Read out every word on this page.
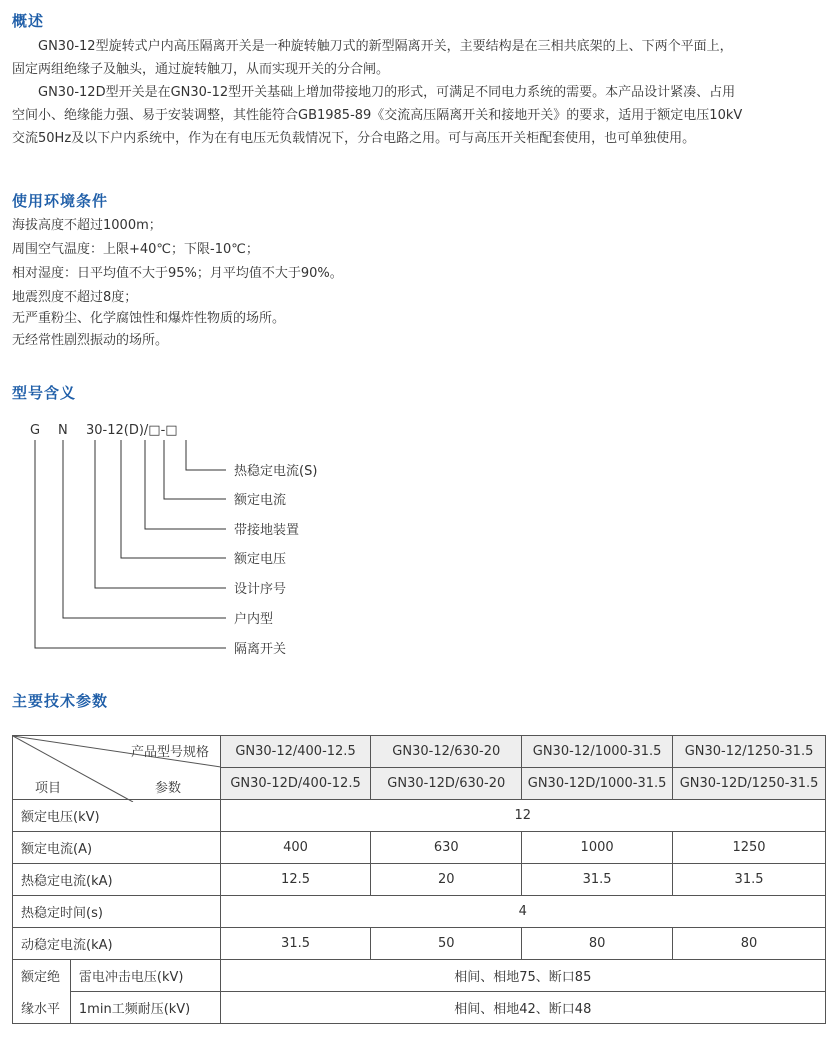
概述
GN30-12型旋转式户内高压隔离开关是一种旋转触刀式的新型隔离开关，主要结构是在三相共底架的上、下两个平面上，
固定两组绝缘子及触头，通过旋转触刀，从而实现开关的分合闸。
GN30-12D型开关是在GN30-12型开关基础上增加带接地刀的形式，可满足不同电力系统的需要。本产品设计紧凑、占用
空间小、绝缘能力强、易于安装调整，其性能符合GB1985-89《交流高压隔离开关和接地开关》的要求，适用于额定电压10kV
交流50Hz及以下户内系统中，作为在有电压无负载情况下，分合电路之用。可与高压开关柜配套使用，也可单独使用。
使用环境条件
海拔高度不超过1000m；
周围空气温度：上限+40℃；下限-10℃；
相对湿度：日平均值不大于95%；月平均值不大于90%。
地震烈度不超过8度；
无严重粉尘、化学腐蚀性和爆炸性物质的场所。
无经常性剧烈振动的场所。
型号含义
G N 30-12(D)/□-□
热稳定电流(S)
额定电流
带接地装置
额定电压
设计序号
户内型
隔离开关
主要技术参数
产品型号规格
项目 参数		GN30-12/400-12.5	GN30-12/630-20	GN30-12/1000-31.5	GN30-12/1250-31.5
		GN30-12D/400-12.5	GN30-12D/630-20	GN30-12D/1000-31.5	GN30-12D/1250-31.5
额定电压(kV)		12			
额定电流(A)		400	630	1000	1250
热稳定电流(kA)		12.5	20	31.5	31.5
热稳定时间(s)		4			
动稳定电流(kA)		31.5	50	80	80
额定绝	雷电冲击电压(kV)	相间、相地75、断口85			
缘水平	1min工频耐压(kV)	相间、相地42、断口48			
